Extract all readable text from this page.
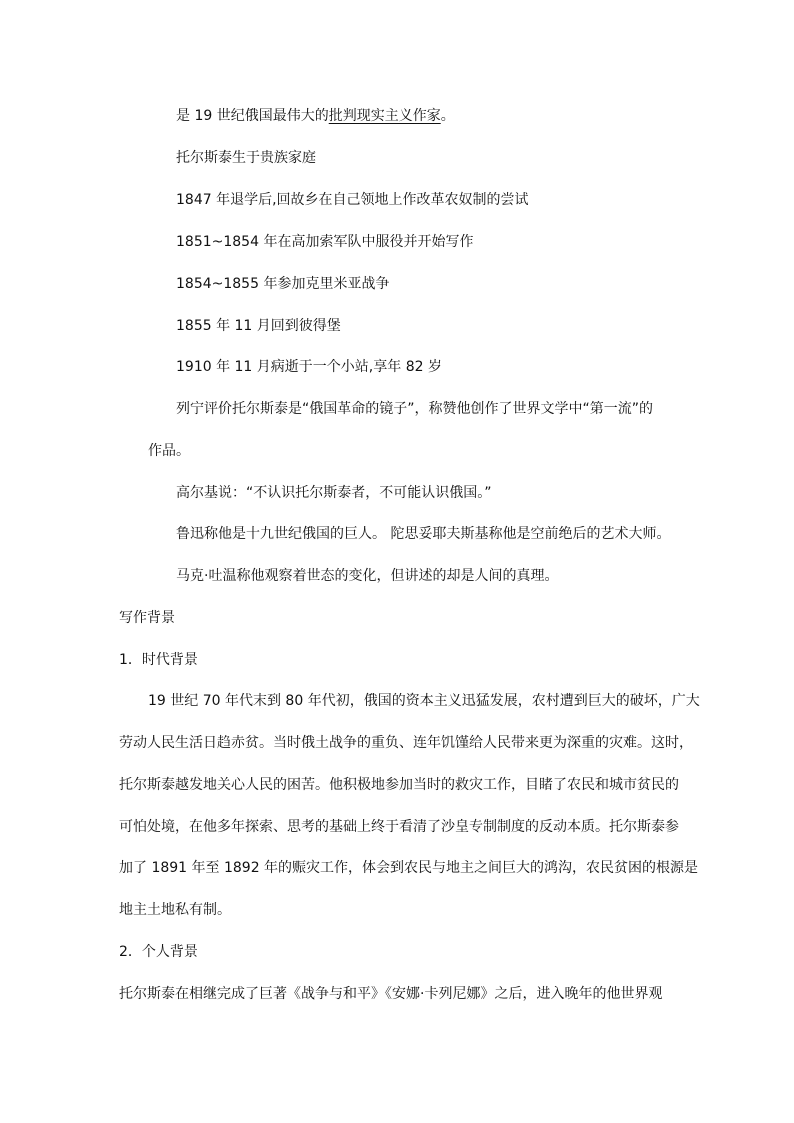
是 19 世纪俄国最伟大的批判现实主义作家。
托尔斯泰生于贵族家庭
1847 年退学后,回故乡在自己领地上作改革农奴制的尝试
1851~1854 年在高加索军队中服役并开始写作
1854~1855 年参加克里米亚战争
1855 年 11 月回到彼得堡
1910 年 11 月病逝于一个小站,享年 82 岁
列宁评价托尔斯泰是“俄国革命的镜子”，称赞他创作了世界文学中“第一流”的
作品。
高尔基说：“不认识托尔斯泰者，不可能认识俄国。”
鲁迅称他是十九世纪俄国的巨人。 陀思妥耶夫斯基称他是空前绝后的艺术大师。
马克·吐温称他观察着世态的变化，但讲述的却是人间的真理。
写作背景
1．时代背景
19 世纪 70 年代末到 80 年代初，俄国的资本主义迅猛发展，农村遭到巨大的破坏，广大
劳动人民生活日趋赤贫。当时俄土战争的重负、连年饥馑给人民带来更为深重的灾难。这时，
托尔斯泰越发地关心人民的困苦。他积极地参加当时的救灾工作，目睹了农民和城市贫民的
可怕处境，在他多年探索、思考的基础上终于看清了沙皇专制制度的反动本质。托尔斯泰参
加了 1891 年至 1892 年的赈灾工作，体会到农民与地主之间巨大的鸿沟，农民贫困的根源是
地主土地私有制。
2．个人背景
托尔斯泰在相继完成了巨著《战争与和平》《安娜·卡列尼娜》之后，进入晚年的他世界观
